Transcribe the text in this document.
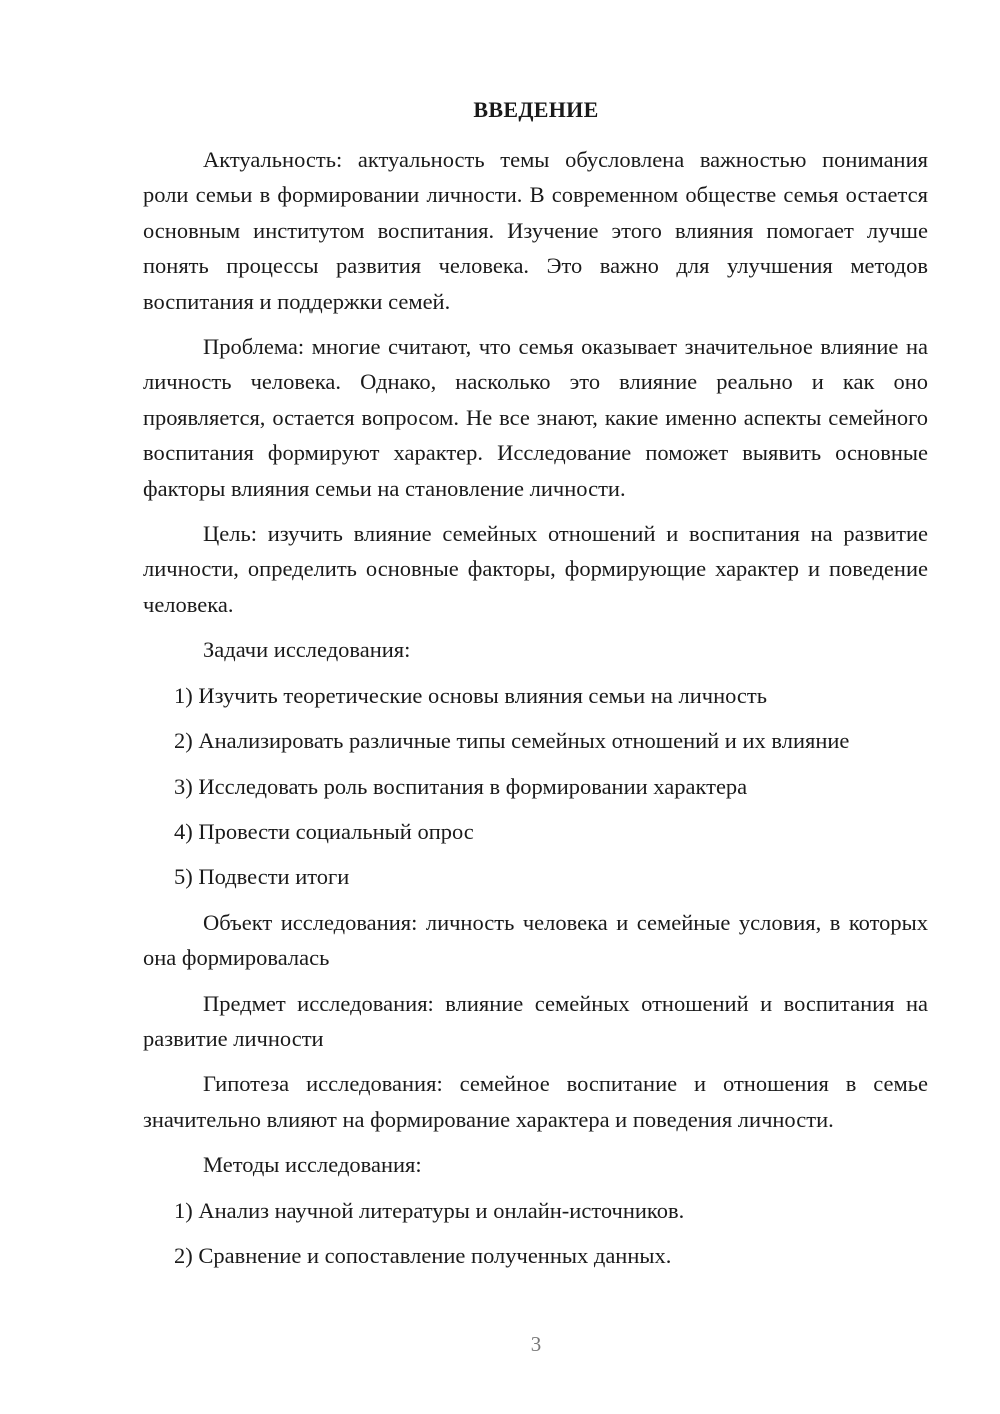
ВВЕДЕНИЕ

Актуальность: актуальность темы обусловлена важностью понимания роли семьи в формировании личности. В современном обществе семья остается основным институтом воспитания. Изучение этого влияния помогает лучше понять процессы развития человека. Это важно для улучшения методов воспитания и поддержки семей.

Проблема: многие считают, что семья оказывает значительное влияние на личность человека. Однако, насколько это влияние реально и как оно проявляется, остается вопросом. Не все знают, какие именно аспекты семейного воспитания формируют характер. Исследование поможет выявить основные факторы влияния семьи на становление личности.

Цель: изучить влияние семейных отношений и воспитания на развитие личности, определить основные факторы, формирующие характер и поведение человека.

Задачи исследования:

1) Изучить теоретические основы влияния семьи на личность

2) Анализировать различные типы семейных отношений и их влияние

3) Исследовать роль воспитания в формировании характера

4) Провести социальный опрос

5) Подвести итоги

Объект исследования: личность человека и семейные условия, в которых она формировалась

Предмет исследования: влияние семейных отношений и воспитания на развитие личности

Гипотеза исследования: семейное воспитание и отношения в семье значительно влияют на формирование характера и поведения личности.

Методы исследования:

1) Анализ научной литературы и онлайн-источников.

2) Сравнение и сопоставление полученных данных.

3
